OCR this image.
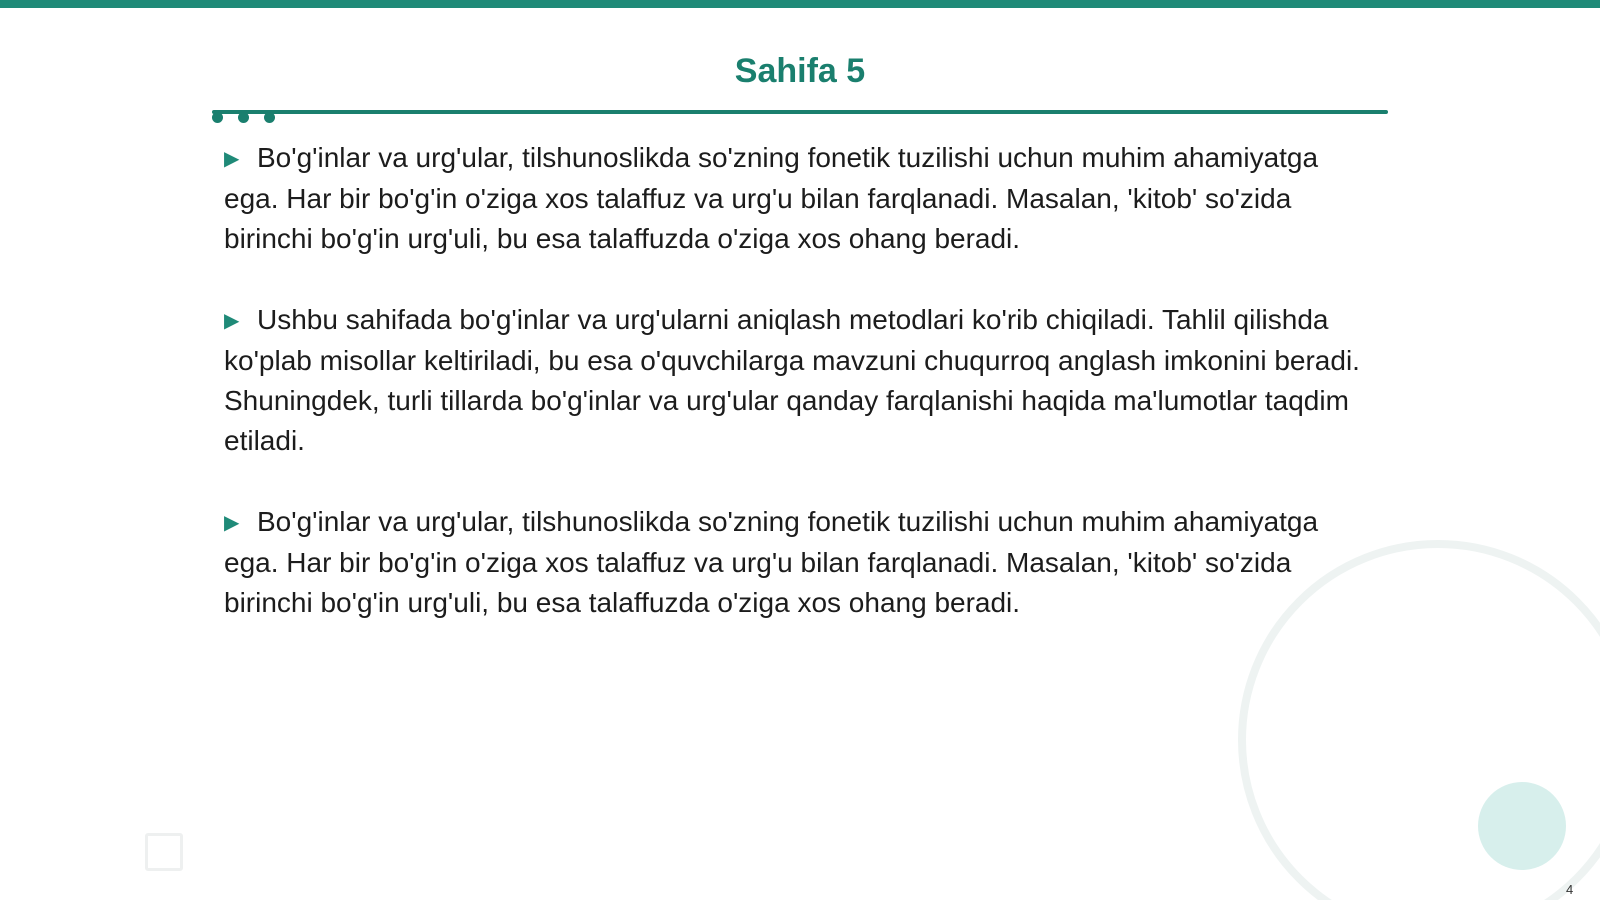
Sahifa 5

▶ Bo'g'inlar va urg'ular, tilshunoslikda so'zning fonetik tuzilishi uchun muhim ahamiyatga ega. Har bir bo'g'in o'ziga xos talaffuz va urg'u bilan farqlanadi. Masalan, 'kitob' so'zida birinchi bo'g'in urg'uli, bu esa talaffuzda o'ziga xos ohang beradi.

▶ Ushbu sahifada bo'g'inlar va urg'ularni aniqlash metodlari ko'rib chiqiladi. Tahlil qilishda ko'plab misollar keltiriladi, bu esa o'quvchilarga mavzuni chuqurroq anglash imkonini beradi. Shuningdek, turli tillarda bo'g'inlar va urg'ular qanday farqlanishi haqida ma'lumotlar taqdim etiladi.

▶ Bo'g'inlar va urg'ular, tilshunoslikda so'zning fonetik tuzilishi uchun muhim ahamiyatga ega. Har bir bo'g'in o'ziga xos talaffuz va urg'u bilan farqlanadi. Masalan, 'kitob' so'zida birinchi bo'g'in urg'uli, bu esa talaffuzda o'ziga xos ohang beradi.

4
